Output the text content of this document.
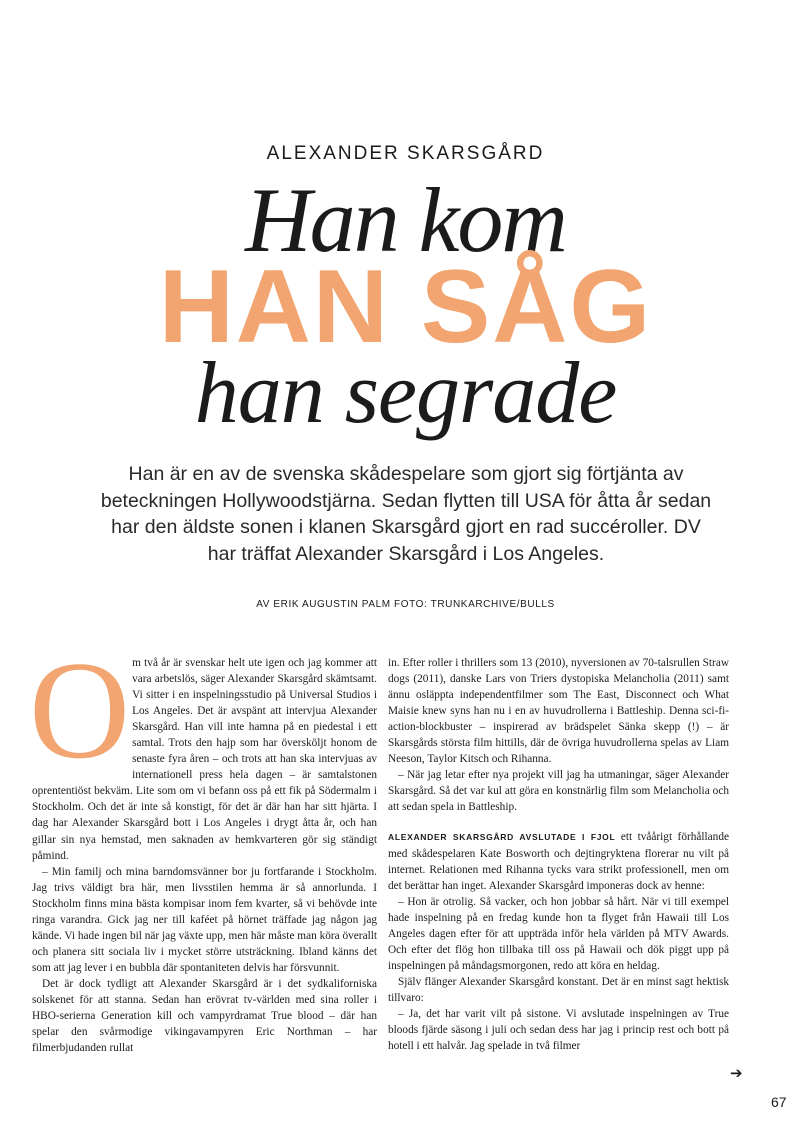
ALEXANDER SKARSGÅRD
Han kom
HAN SÅG
han segrade
Han är en av de svenska skådespelare som gjort sig förtjänta av beteckningen Hollywoodstjärna. Sedan flytten till USA för åtta år sedan har den äldste sonen i klanen Skarsgård gjort en rad succéroller. DV har träffat Alexander Skarsgård i Los Angeles.
AV ERIK AUGUSTIN PALM FOTO: TRUNKARCHIVE/BULLS

Om två år är svenskar helt ute igen och jag kommer att vara arbetslös, säger Alexander Skarsgård skämtsamt. Vi sitter i en inspelningsstudio på Universal Studios i Los Angeles. Det är avspänt att intervjua Alexander Skarsgård. Han vill inte hamna på en piedestal i ett samtal. Trots den hajp som har översköljt honom de senaste fyra åren – och trots att han ska intervjuas av internationell press hela dagen – är samtalstonen oprententiöst bekväm. Lite som om vi befann oss på ett fik på Södermalm i Stockholm. Och det är inte så konstigt, för det är där han har sitt hjärta. I dag har Alexander Skarsgård bott i Los Angeles i drygt åtta år, och han gillar sin nya hemstad, men saknaden av hemkvarteren gör sig ständigt påmind.

– Min familj och mina barndomsvänner bor ju fortfarande i Stockholm. Jag trivs väldigt bra här, men livsstilen hemma är så annorlunda. I Stockholm finns mina bästa kompisar inom fem kvarter, så vi behövde inte ringa varandra. Gick jag ner till kaféet på hörnet träffade jag någon jag kände. Vi hade ingen bil när jag växte upp, men här måste man köra överallt och planera sitt sociala liv i mycket större utsträckning. Ibland känns det som att jag lever i en bubbla där spontaniteten delvis har försvunnit.

Det är dock tydligt att Alexander Skarsgård är i det sydkaliforniska solskenet för att stanna. Sedan han erövrat tv-världen med sina roller i HBO-serierna Generation kill och vampyrdramat True blood – där han spelar den svårmodige vikingavampyren Eric Northman – har filmerbjudanden rullat

in. Efter roller i thrillers som 13 (2010), nyversionen av 70-talsrullen Straw dogs (2011), danske Lars von Triers dystopiska Melancholia (2011) samt ännu osläppta independentfilmer som The East, Disconnect och What Maisie knew syns han nu i en av huvudrollerna i Battleship. Denna sci-fi-action-blockbuster – inspirerad av brädspelet Sänka skepp (!) – är Skarsgårds största film hittills, där de övriga huvudrollerna spelas av Liam Neeson, Taylor Kitsch och Rihanna.

– När jag letar efter nya projekt vill jag ha utmaningar, säger Alexander Skarsgård. Så det var kul att göra en konstnärlig film som Melancholia och att sedan spela in Battleship.

ALEXANDER SKARSGÅRD AVSLUTADE I FJOL ett tvåårigt förhållande med skådespelaren Kate Bosworth och dejtingryktena florerar nu vilt på internet. Relationen med Rihanna tycks vara strikt professionell, men om det berättar han inget. Alexander Skarsgård imponeras dock av henne:

– Hon är otrolig. Så vacker, och hon jobbar så hårt. När vi till exempel hade inspelning på en fredag kunde hon ta flyget från Hawaii till Los Angeles dagen efter för att uppträda inför hela världen på MTV Awards. Och efter det flög hon tillbaka till oss på Hawaii och dök piggt upp på inspelningen på måndagsmorgonen, redo att köra en heldag.

Själv flänger Alexander Skarsgård konstant. Det är en minst sagt hektisk tillvaro:

– Ja, det har varit vilt på sistone. Vi avslutade inspelningen av True bloods fjärde säsong i juli och sedan dess har jag i princip rest och bott på hotell i ett halvår. Jag spelade in två filmer

➔
67
